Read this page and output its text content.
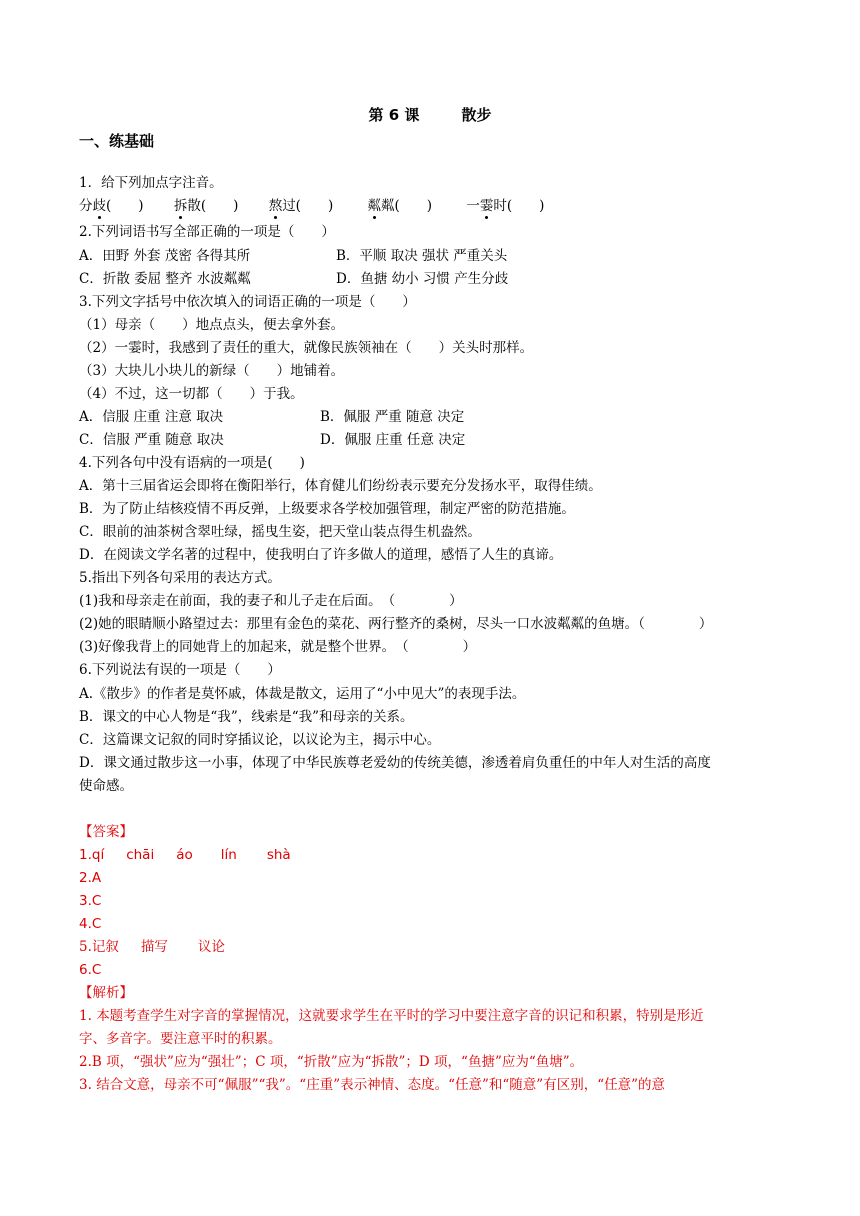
第 6 课	散步
一、练基础
1．给下列加点字注音。
分歧(　　) 拆散(　　) 熬过(　　)	粼粼(　　)	一霎时(　　)
2.下列词语书写全部正确的一项是（　　）
A．田野 外套 茂密 各得其所	B．平顺 取决 强状 严重关头
C．折散 委屈 整齐 水波粼粼	D．鱼搪 幼小 习惯 产生分歧
3.下列文字括号中依次填入的词语正确的一项是（　　）
（1）母亲（　　）地点点头，便去拿外套。
（2）一霎时，我感到了责任的重大，就像民族领袖在（　　）关头时那样。
（3）大块儿小块儿的新绿（　　）地铺着。
（4）不过，这一切都（　　）于我。
A．信服 庄重 注意 取决	B．佩服 严重 随意 决定
C．信服 严重 随意 取决	D．佩服 庄重 任意 决定
4.下列各句中没有语病的一项是(　　)
A．第十三届省运会即将在衡阳举行，体育健儿们纷纷表示要充分发扬水平，取得佳绩。
B．为了防止结核疫情不再反弹，上级要求各学校加强管理，制定严密的防范措施。
C．眼前的油茶树含翠吐绿，摇曳生姿，把天堂山装点得生机盎然。
D．在阅读文学名著的过程中，使我明白了许多做人的道理，感悟了人生的真谛。
5.指出下列各句采用的表达方式。
(1)我和母亲走在前面，我的妻子和儿子走在后面。　（　　　　）
(2)她的眼睛顺小路望过去：那里有金色的菜花、两行整齐的桑树，尽头一口水波粼粼的鱼塘。（　　　　）
(3)好像我背上的同她背上的加起来，就是整个世界。　（　　　　）
6.下列说法有误的一项是（　　）
A.《散步》的作者是莫怀戚，体裁是散文，运用了“小中见大”的表现手法。
B．课文的中心人物是“我”，线索是“我”和母亲的关系。
C．这篇课文记叙的同时穿插议论，以议论为主，揭示中心。
D．课文通过散步这一小事，体现了中华民族尊老爱幼的传统美德，渗透着肩负重任的中年人对生活的高度
使命感。
【答案】
1.qí chāi áo lín shà
2.A
3.C
4.C
5.记叙 描写 议论
6.C
【解析】
1. 本题考查学生对字音的掌握情况，这就要求学生在平时的学习中要注意字音的识记和积累，特别是形近
字、多音字。要注意平时的积累。
2.B 项，“强状”应为“强壮”；C 项，“折散”应为“拆散”；D 项，“鱼搪”应为“鱼塘”。
3. 结合文意，母亲不可“佩服”“我”。“庄重”表示神情、态度。“任意”和“随意”有区别，“任意”的意
